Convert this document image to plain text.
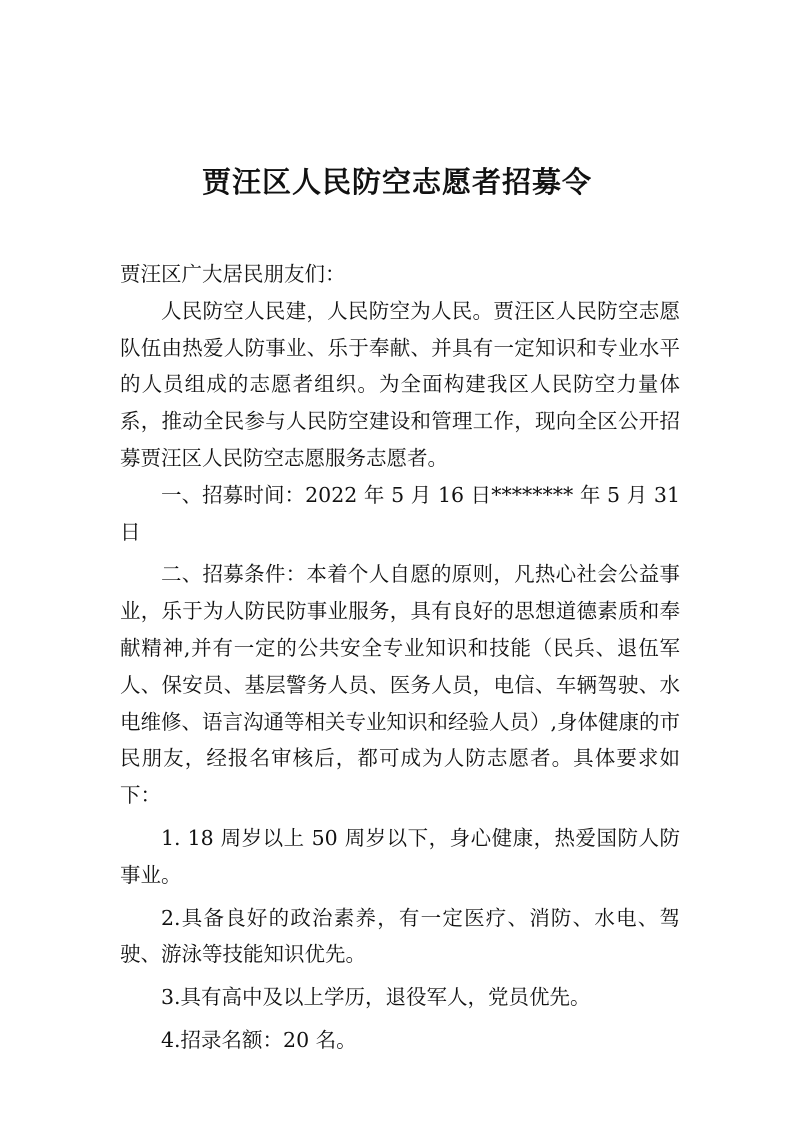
贾汪区人民防空志愿者招募令

贾汪区广大居民朋友们：

人民防空人民建，人民防空为人民。贾汪区人民防空志愿队伍由热爱人防事业、乐于奉献、并具有一定知识和专业水平的人员组成的志愿者组织。为全面构建我区人民防空力量体系，推动全民参与人民防空建设和管理工作，现向全区公开招募贾汪区人民防空志愿服务志愿者。

一、招募时间：2022 年 5 月 16 日******** 年 5 月 31 日

二、招募条件：本着个人自愿的原则，凡热心社会公益事业，乐于为人防民防事业服务，具有良好的思想道德素质和奉献精神,并有一定的公共安全专业知识和技能（民兵、退伍军人、保安员、基层警务人员、医务人员，电信、车辆驾驶、水电维修、语言沟通等相关专业知识和经验人员）,身体健康的市民朋友，经报名审核后，都可成为人防志愿者。具体要求如下：

1. 18 周岁以上 50 周岁以下，身心健康，热爱国防人防事业。

2.具备良好的政治素养，有一定医疗、消防、水电、驾驶、游泳等技能知识优先。

3.具有高中及以上学历，退役军人，党员优先。

4.招录名额：20 名。
